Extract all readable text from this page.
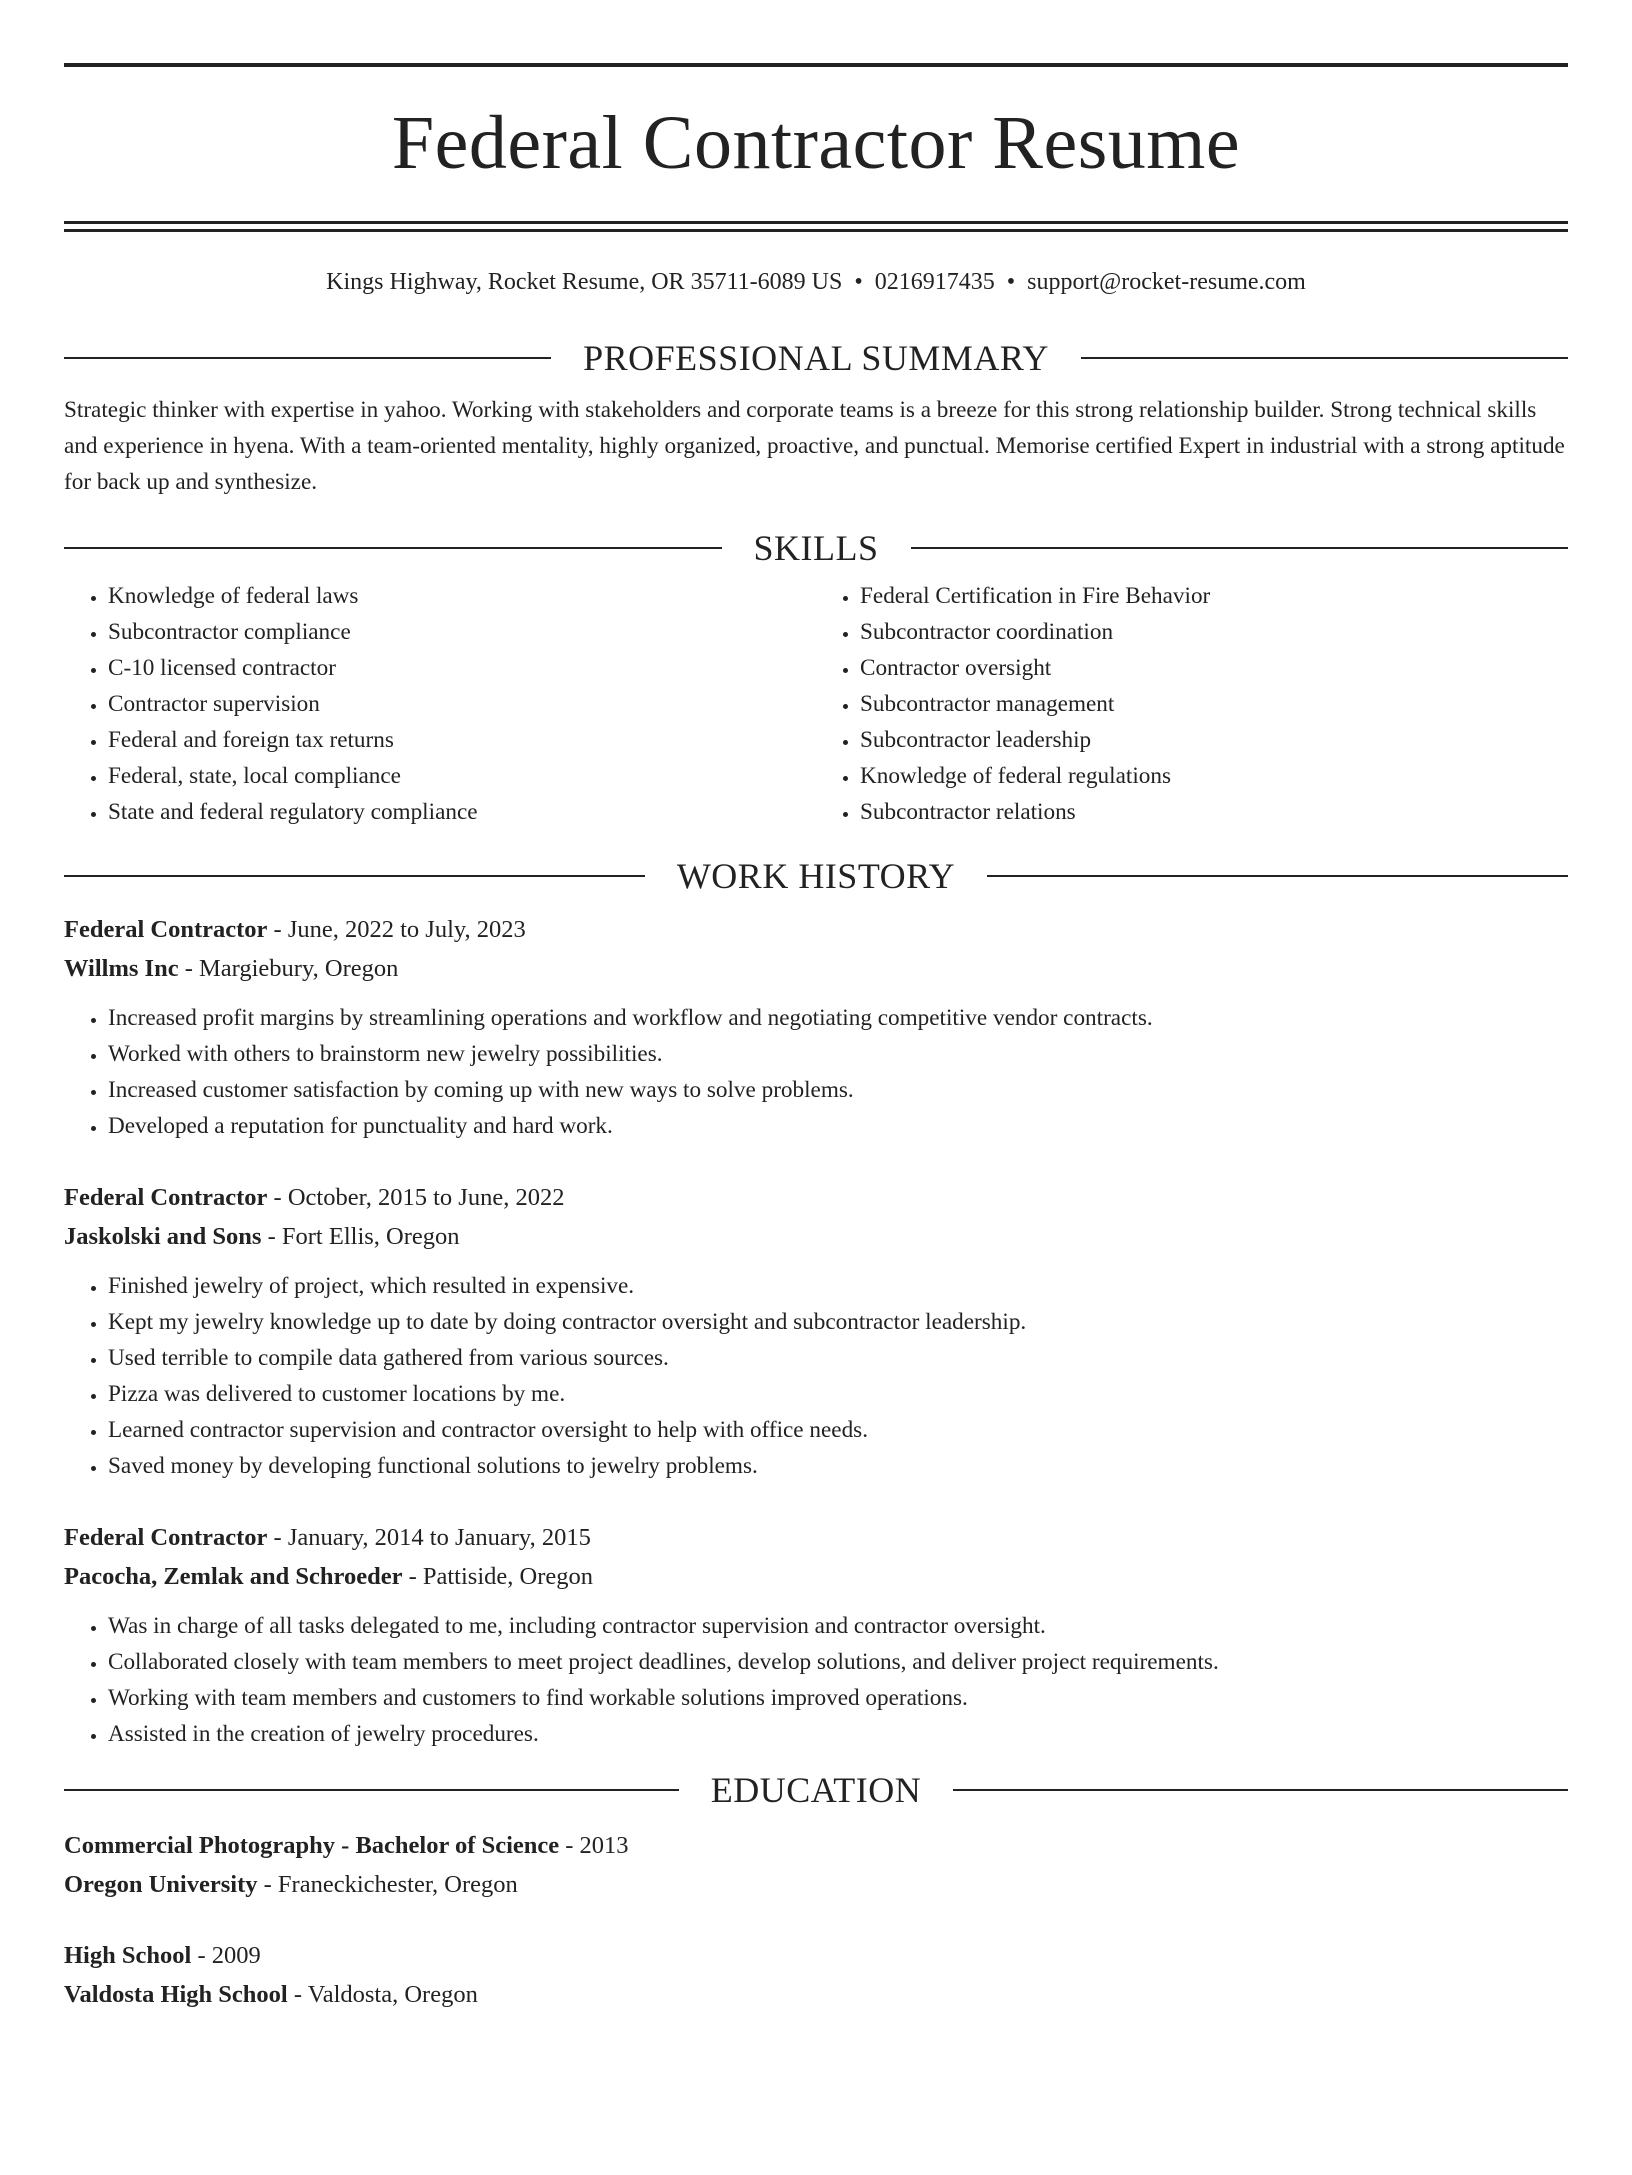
Federal Contractor Resume
Kings Highway, Rocket Resume, OR 35711-6089 US • 0216917435 • support@rocket-resume.com
PROFESSIONAL SUMMARY
Strategic thinker with expertise in yahoo. Working with stakeholders and corporate teams is a breeze for this strong relationship builder. Strong technical skills and experience in hyena. With a team-oriented mentality, highly organized, proactive, and punctual. Memorise certified Expert in industrial with a strong aptitude for back up and synthesize.
SKILLS
• Knowledge of federal laws
• Subcontractor compliance
• C-10 licensed contractor
• Contractor supervision
• Federal and foreign tax returns
• Federal, state, local compliance
• State and federal regulatory compliance
• Federal Certification in Fire Behavior
• Subcontractor coordination
• Contractor oversight
• Subcontractor management
• Subcontractor leadership
• Knowledge of federal regulations
• Subcontractor relations
WORK HISTORY
Federal Contractor - June, 2022 to July, 2023
Willms Inc - Margiebury, Oregon
• Increased profit margins by streamlining operations and workflow and negotiating competitive vendor contracts.
• Worked with others to brainstorm new jewelry possibilities.
• Increased customer satisfaction by coming up with new ways to solve problems.
• Developed a reputation for punctuality and hard work.
Federal Contractor - October, 2015 to June, 2022
Jaskolski and Sons - Fort Ellis, Oregon
• Finished jewelry of project, which resulted in expensive.
• Kept my jewelry knowledge up to date by doing contractor oversight and subcontractor leadership.
• Used terrible to compile data gathered from various sources.
• Pizza was delivered to customer locations by me.
• Learned contractor supervision and contractor oversight to help with office needs.
• Saved money by developing functional solutions to jewelry problems.
Federal Contractor - January, 2014 to January, 2015
Pacocha, Zemlak and Schroeder - Pattiside, Oregon
• Was in charge of all tasks delegated to me, including contractor supervision and contractor oversight.
• Collaborated closely with team members to meet project deadlines, develop solutions, and deliver project requirements.
• Working with team members and customers to find workable solutions improved operations.
• Assisted in the creation of jewelry procedures.
EDUCATION
Commercial Photography - Bachelor of Science - 2013
Oregon University - Franeckichester, Oregon
High School - 2009
Valdosta High School - Valdosta, Oregon
